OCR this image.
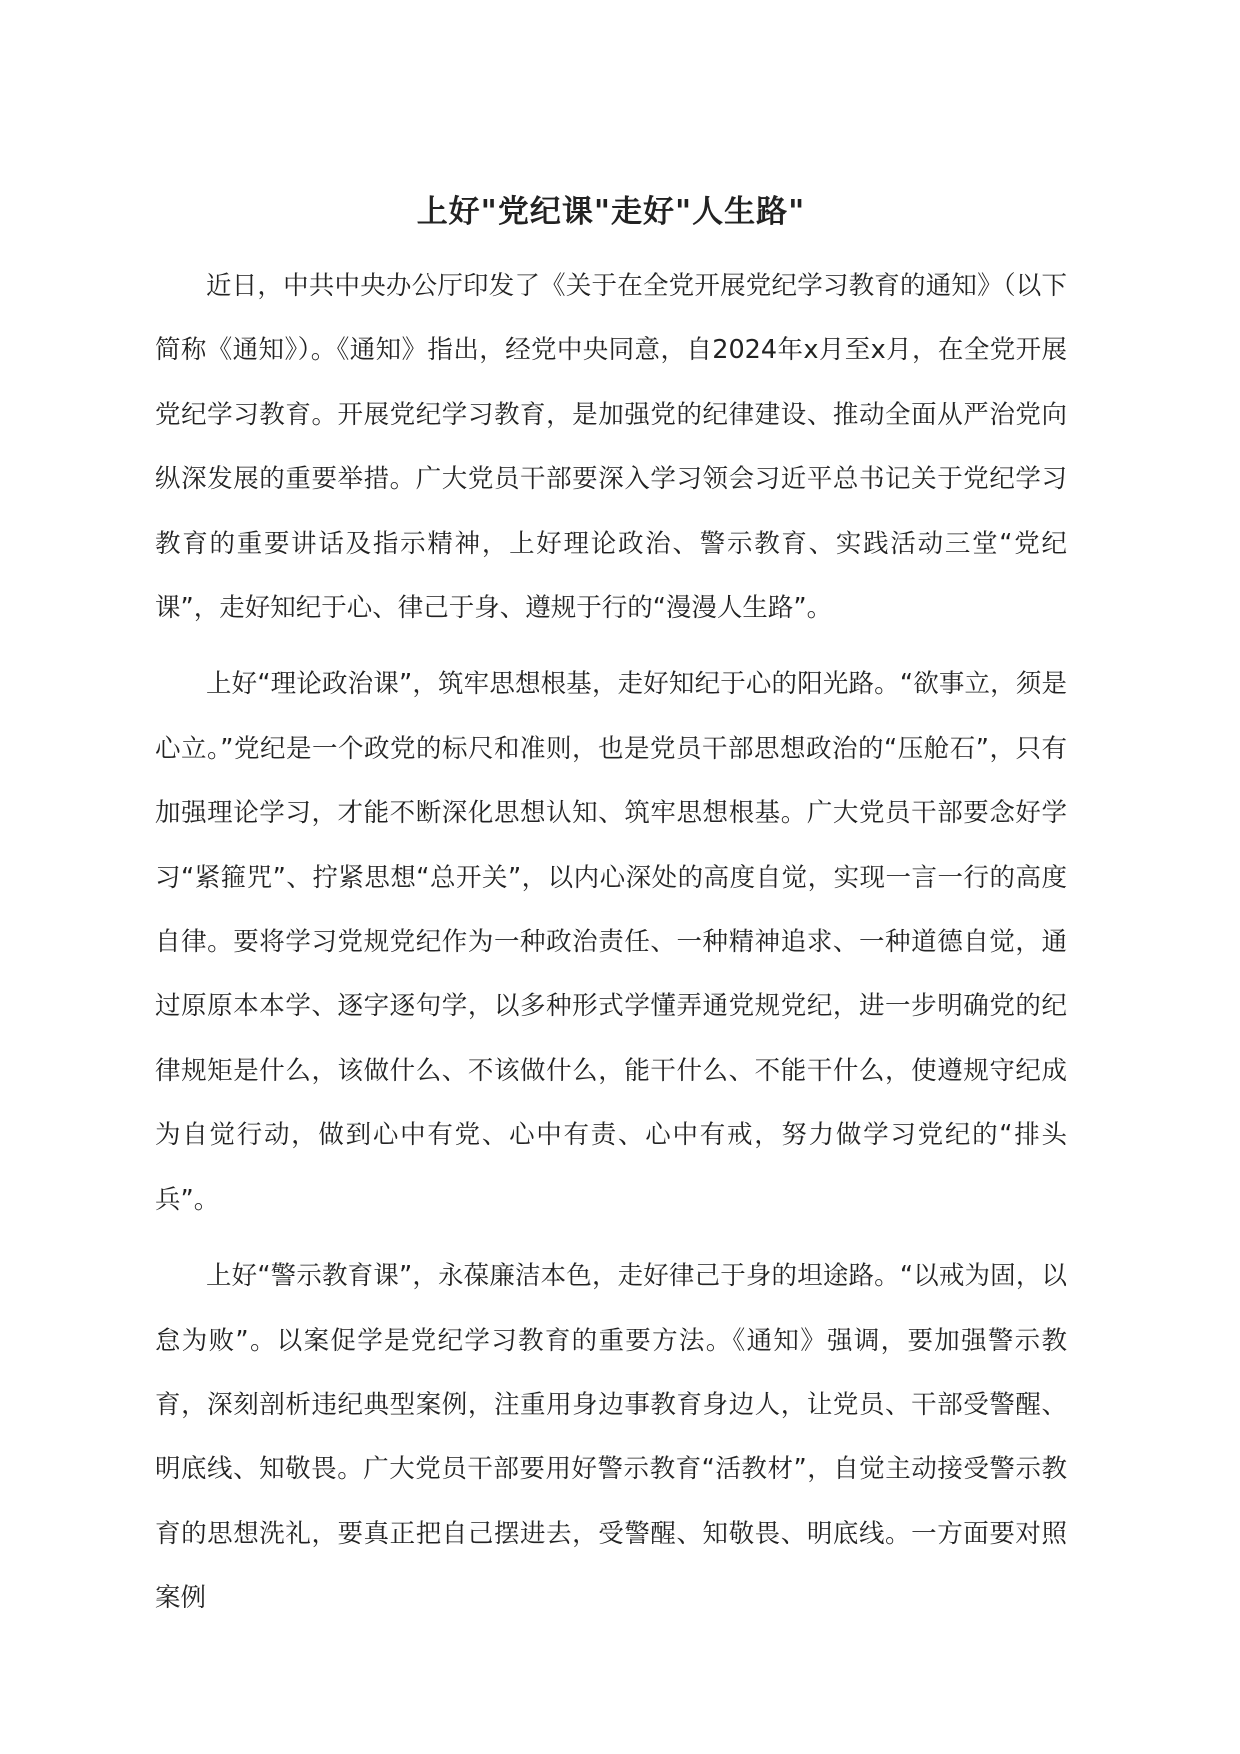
上好"党纪课"走好"人生路"

近日，中共中央办公厅印发了《关于在全党开展党纪学习教育的通知》（以下简称《通知》）。《通知》指出，经党中央同意，自2024年x月至x月，在全党开展党纪学习教育。开展党纪学习教育，是加强党的纪律建设、推动全面从严治党向纵深发展的重要举措。广大党员干部要深入学习领会习近平总书记关于党纪学习教育的重要讲话及指示精神，上好理论政治、警示教育、实践活动三堂“党纪课”，走好知纪于心、律己于身、遵规于行的“漫漫人生路”。

上好“理论政治课”，筑牢思想根基，走好知纪于心的阳光路。“欲事立，须是心立。”党纪是一个政党的标尺和准则，也是党员干部思想政治的“压舱石”，只有加强理论学习，才能不断深化思想认知、筑牢思想根基。广大党员干部要念好学习“紧箍咒”、拧紧思想“总开关”，以内心深处的高度自觉，实现一言一行的高度自律。要将学习党规党纪作为一种政治责任、一种精神追求、一种道德自觉，通过原原本本学、逐字逐句学，以多种形式学懂弄通党规党纪，进一步明确党的纪律规矩是什么，该做什么、不该做什么，能干什么、不能干什么，使遵规守纪成为自觉行动，做到心中有党、心中有责、心中有戒，努力做学习党纪的“排头兵”。

上好“警示教育课”，永葆廉洁本色，走好律己于身的坦途路。“以戒为固，以怠为败”。以案促学是党纪学习教育的重要方法。《通知》强调，要加强警示教育，深刻剖析违纪典型案例，注重用身边事教育身边人，让党员、干部受警醒、明底线、知敬畏。广大党员干部要用好警示教育“活教材”，自觉主动接受警示教育的思想洗礼，要真正把自己摆进去，受警醒、知敬畏、明底线。一方面要对照案例
